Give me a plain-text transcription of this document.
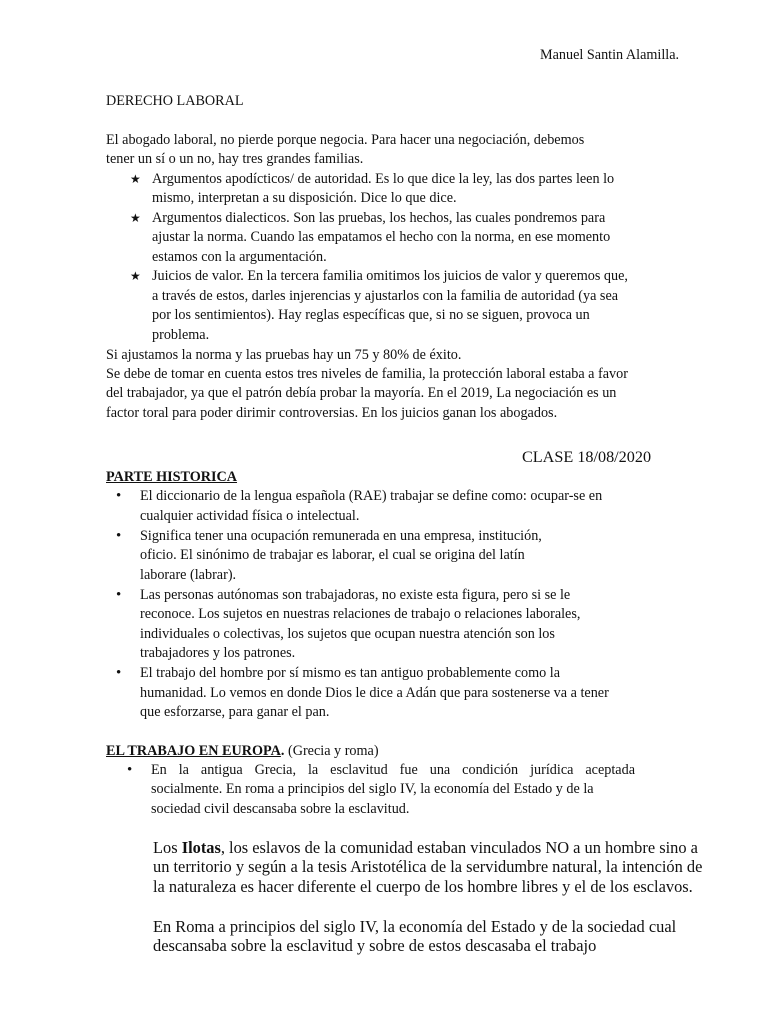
Manuel Santin Alamilla.
DERECHO LABORAL
El abogado laboral, no pierde porque negocia. Para hacer una negociación, debemos
tener un sí o un no, hay tres grandes familias.
★ Argumentos apodícticos/ de autoridad. Es lo que dice la ley, las dos partes leen lo
mismo, interpretan a su disposición. Dice lo que dice.
★ Argumentos dialecticos. Son las pruebas, los hechos, las cuales pondremos para
ajustar la norma. Cuando las empatamos el hecho con la norma, en ese momento
estamos con la argumentación.
★ Juicios de valor. En la tercera familia omitimos los juicios de valor y queremos que,
a través de estos, darles injerencias y ajustarlos con la familia de autoridad (ya sea
por los sentimientos). Hay reglas específicas que, si no se siguen, provoca un
problema.
Si ajustamos la norma y las pruebas hay un 75 y 80% de éxito.
Se debe de tomar en cuenta estos tres niveles de familia, la protección laboral estaba a favor
del trabajador, ya que el patrón debía probar la mayoría. En el 2019, La negociación es un
factor toral para poder dirimir controversias. En los juicios ganan los abogados.
CLASE 18/08/2020
PARTE HISTORICA
• El diccionario de la lengua española (RAE) trabajar se define como: ocupar-se en
cualquier actividad física o intelectual.
• Significa tener una ocupación remunerada en una empresa, institución,
oficio. El sinónimo de trabajar es laborar, el cual se origina del latín
laborare (labrar).
• Las personas autónomas son trabajadoras, no existe esta figura, pero si se le
reconoce. Los sujetos en nuestras relaciones de trabajo o relaciones laborales,
individuales o colectivas, los sujetos que ocupan nuestra atención son los
trabajadores y los patrones.
• El trabajo del hombre por sí mismo es tan antiguo probablemente como la
humanidad. Lo vemos en donde Dios le dice a Adán que para sostenerse va a tener
que esforzarse, para ganar el pan.
EL TRABAJO EN EUROPA. (Grecia y roma)
• En la antigua Grecia, la esclavitud fue una condición jurídica aceptada
socialmente. En roma a principios del siglo IV, la economía del Estado y de la
sociedad civil descansaba sobre la esclavitud.
Los Ilotas, los eslavos de la comunidad estaban vinculados NO a un hombre sino a
un territorio y según a la tesis Aristotélica de la servidumbre natural, la intención de
la naturaleza es hacer diferente el cuerpo de los hombre libres y el de los esclavos.
En Roma a principios del siglo IV, la economía del Estado y de la sociedad cual
descansaba sobre la esclavitud y sobre de estos descasaba el trabajo
